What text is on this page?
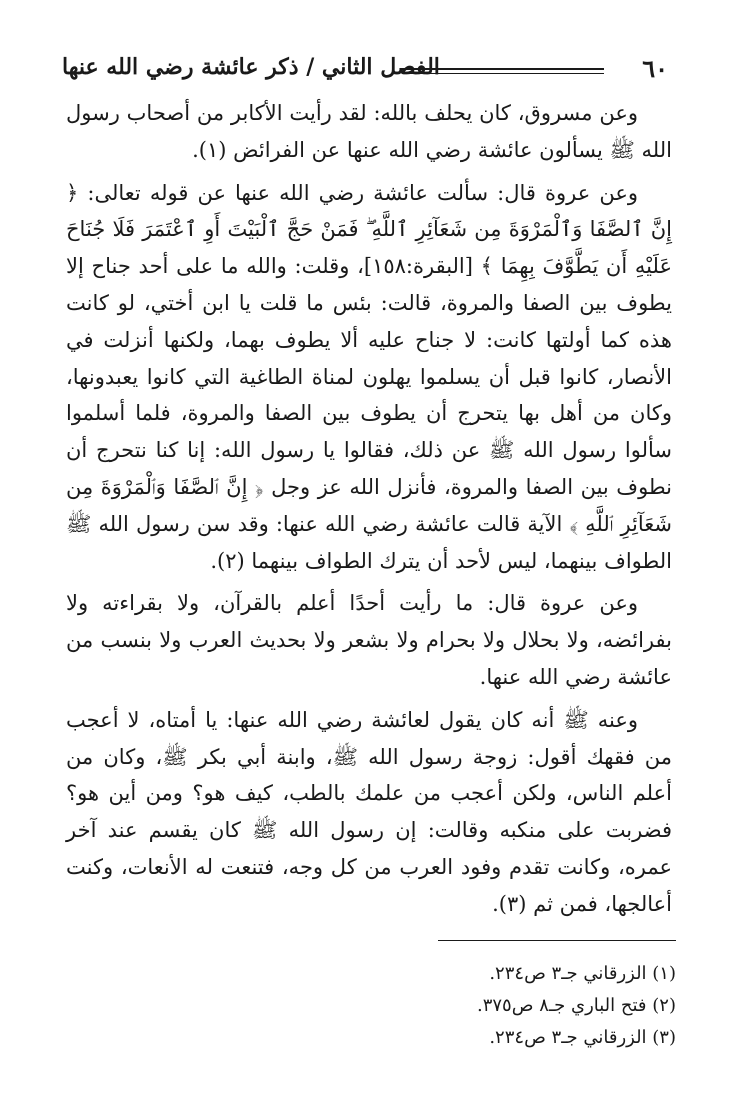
٦٠
الفصل الثاني / ذكر عائشة رضي الله عنها

وعن مسروق، كان يحلف بالله: لقد رأيت الأكابر من أصحاب رسول الله ﷺ يسألون عائشة رضي الله عنها عن الفرائض (١).

وعن عروة قال: سألت عائشة رضي الله عنها عن قوله تعالى: ﴿ إِنَّ ٱلصَّفَا وَٱلْمَرْوَةَ مِن شَعَآئِرِ ٱللَّهِ ۖ فَمَنْ حَجَّ ٱلْبَيْتَ أَوِ ٱعْتَمَرَ فَلَا جُنَاحَ عَلَيْهِ أَن يَطَّوَّفَ بِهِمَا ﴾ [البقرة:١٥٨]، وقلت: والله ما على أحد جناح إلا يطوف بين الصفا والمروة، قالت: بئس ما قلت يا ابن أختي، لو كانت هذه كما أولتها كانت: لا جناح عليه ألا يطوف بهما، ولكنها أنزلت في الأنصار، كانوا قبل أن يسلموا يهلون لمناة الطاغية التي كانوا يعبدونها، وكان من أهل بها يتحرج أن يطوف بين الصفا والمروة، فلما أسلموا سألوا رسول الله ﷺ عن ذلك، فقالوا يا رسول الله: إنا كنا نتحرج أن نطوف بين الصفا والمروة، فأنزل الله عز وجل ﴿ إِنَّ ٱلصَّفَا وَٱلْمَرْوَةَ مِن شَعَآئِرِ ٱللَّهِ ﴾ الآية قالت عائشة رضي الله عنها: وقد سن رسول الله ﷺ الطواف بينهما، ليس لأحد أن يترك الطواف بينهما (٢).

وعن عروة قال: ما رأيت أحدًا أعلم بالقرآن، ولا بقراءته ولا بفرائضه، ولا بحلال ولا بحرام ولا بشعر ولا بحديث العرب ولا بنسب من عائشة رضي الله عنها.

وعنه ﷺ أنه كان يقول لعائشة رضي الله عنها: يا أمتاه، لا أعجب من فقهك أقول: زوجة رسول الله ﷺ، وابنة أبي بكر ﷺ، وكان من أعلم الناس، ولكن أعجب من علمك بالطب، كيف هو؟ ومن أين هو؟ فضربت على منكبه وقالت: إن رسول الله ﷺ كان يقسم عند آخر عمره، وكانت تقدم وفود العرب من كل وجه، فتنعت له الأنعات، وكنت أعالجها، فمن ثم (٣).

(١) الزرقاني جـ٣ ص٢٣٤.

(٢) فتح الباري جـ٨ ص٣٧٥.

(٣) الزرقاني جـ٣ ص٢٣٤.
